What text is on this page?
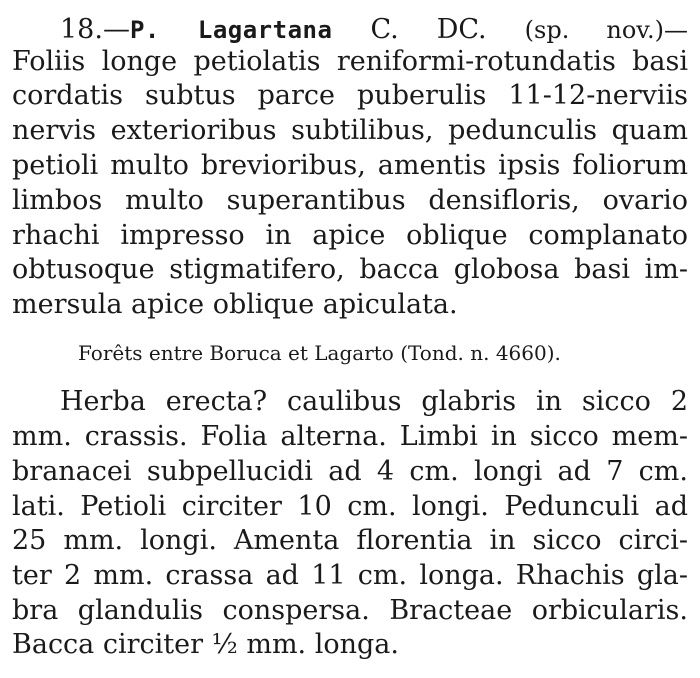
18.—P. Lagartana C. DC. (sp. nov.)—
Foliis longe petiolatis reniformi-rotundatis basi
cordatis subtus parce puberulis 11-12-nerviis
nervis exterioribus subtilibus, pedunculis quam
petioli multo brevioribus, amentis ipsis foliorum
limbos multo superantibus densifloris, ovario
rhachi impresso in apice oblique complanato
obtusoque stigmatifero, bacca globosa basi im-
mersula apice oblique apiculata.
Forêts entre Boruca et Lagarto (Tond. n. 4660).
Herba erecta? caulibus glabris in sicco 2
mm. crassis. Folia alterna. Limbi in sicco mem-
branacei subpellucidi ad 4 cm. longi ad 7 cm.
lati. Petioli circiter 10 cm. longi. Pedunculi ad
25 mm. longi. Amenta florentia in sicco circi-
ter 2 mm. crassa ad 11 cm. longa. Rhachis gla-
bra glandulis conspersa. Bracteae orbicularis.
Bacca circiter ½ mm. longa.
